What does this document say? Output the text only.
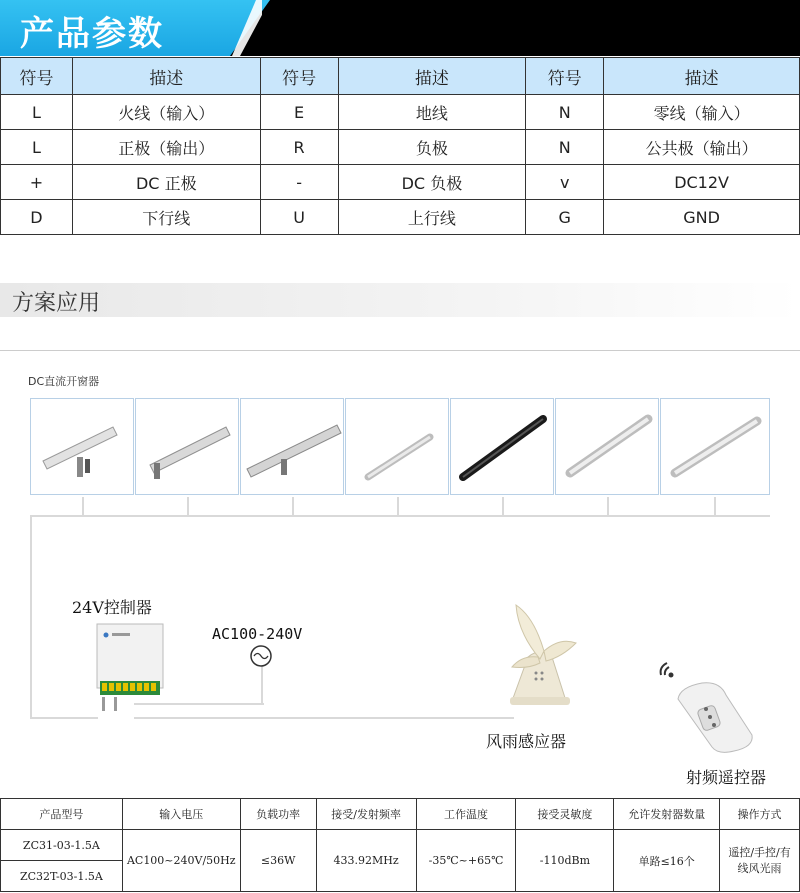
产品参数
符号	描述	符号	描述	符号	描述
L	火线（输入）	E	地线	N	零线（输入）
L	正极（输出）	R	负极	N	公共极（输出）
+	DC 正极	-	DC 负极	v	DC12V
D	下行线	U	上行线	G	GND
方案应用
DC直流开窗器
24V控制器
AC100-240V
风雨感应器
射频遥控器
产品型号	输入电压	负载功率	接受/发射频率	工作温度	接受灵敏度	允许发射器数量	操作方式
ZC31-03-1.5A	AC100~240V/50Hz	≤36W	433.92MHz	-35℃~+65℃	-110dBm	单路≤16个	遥控/手控/有线风光雨
ZC32T-03-1.5A							
